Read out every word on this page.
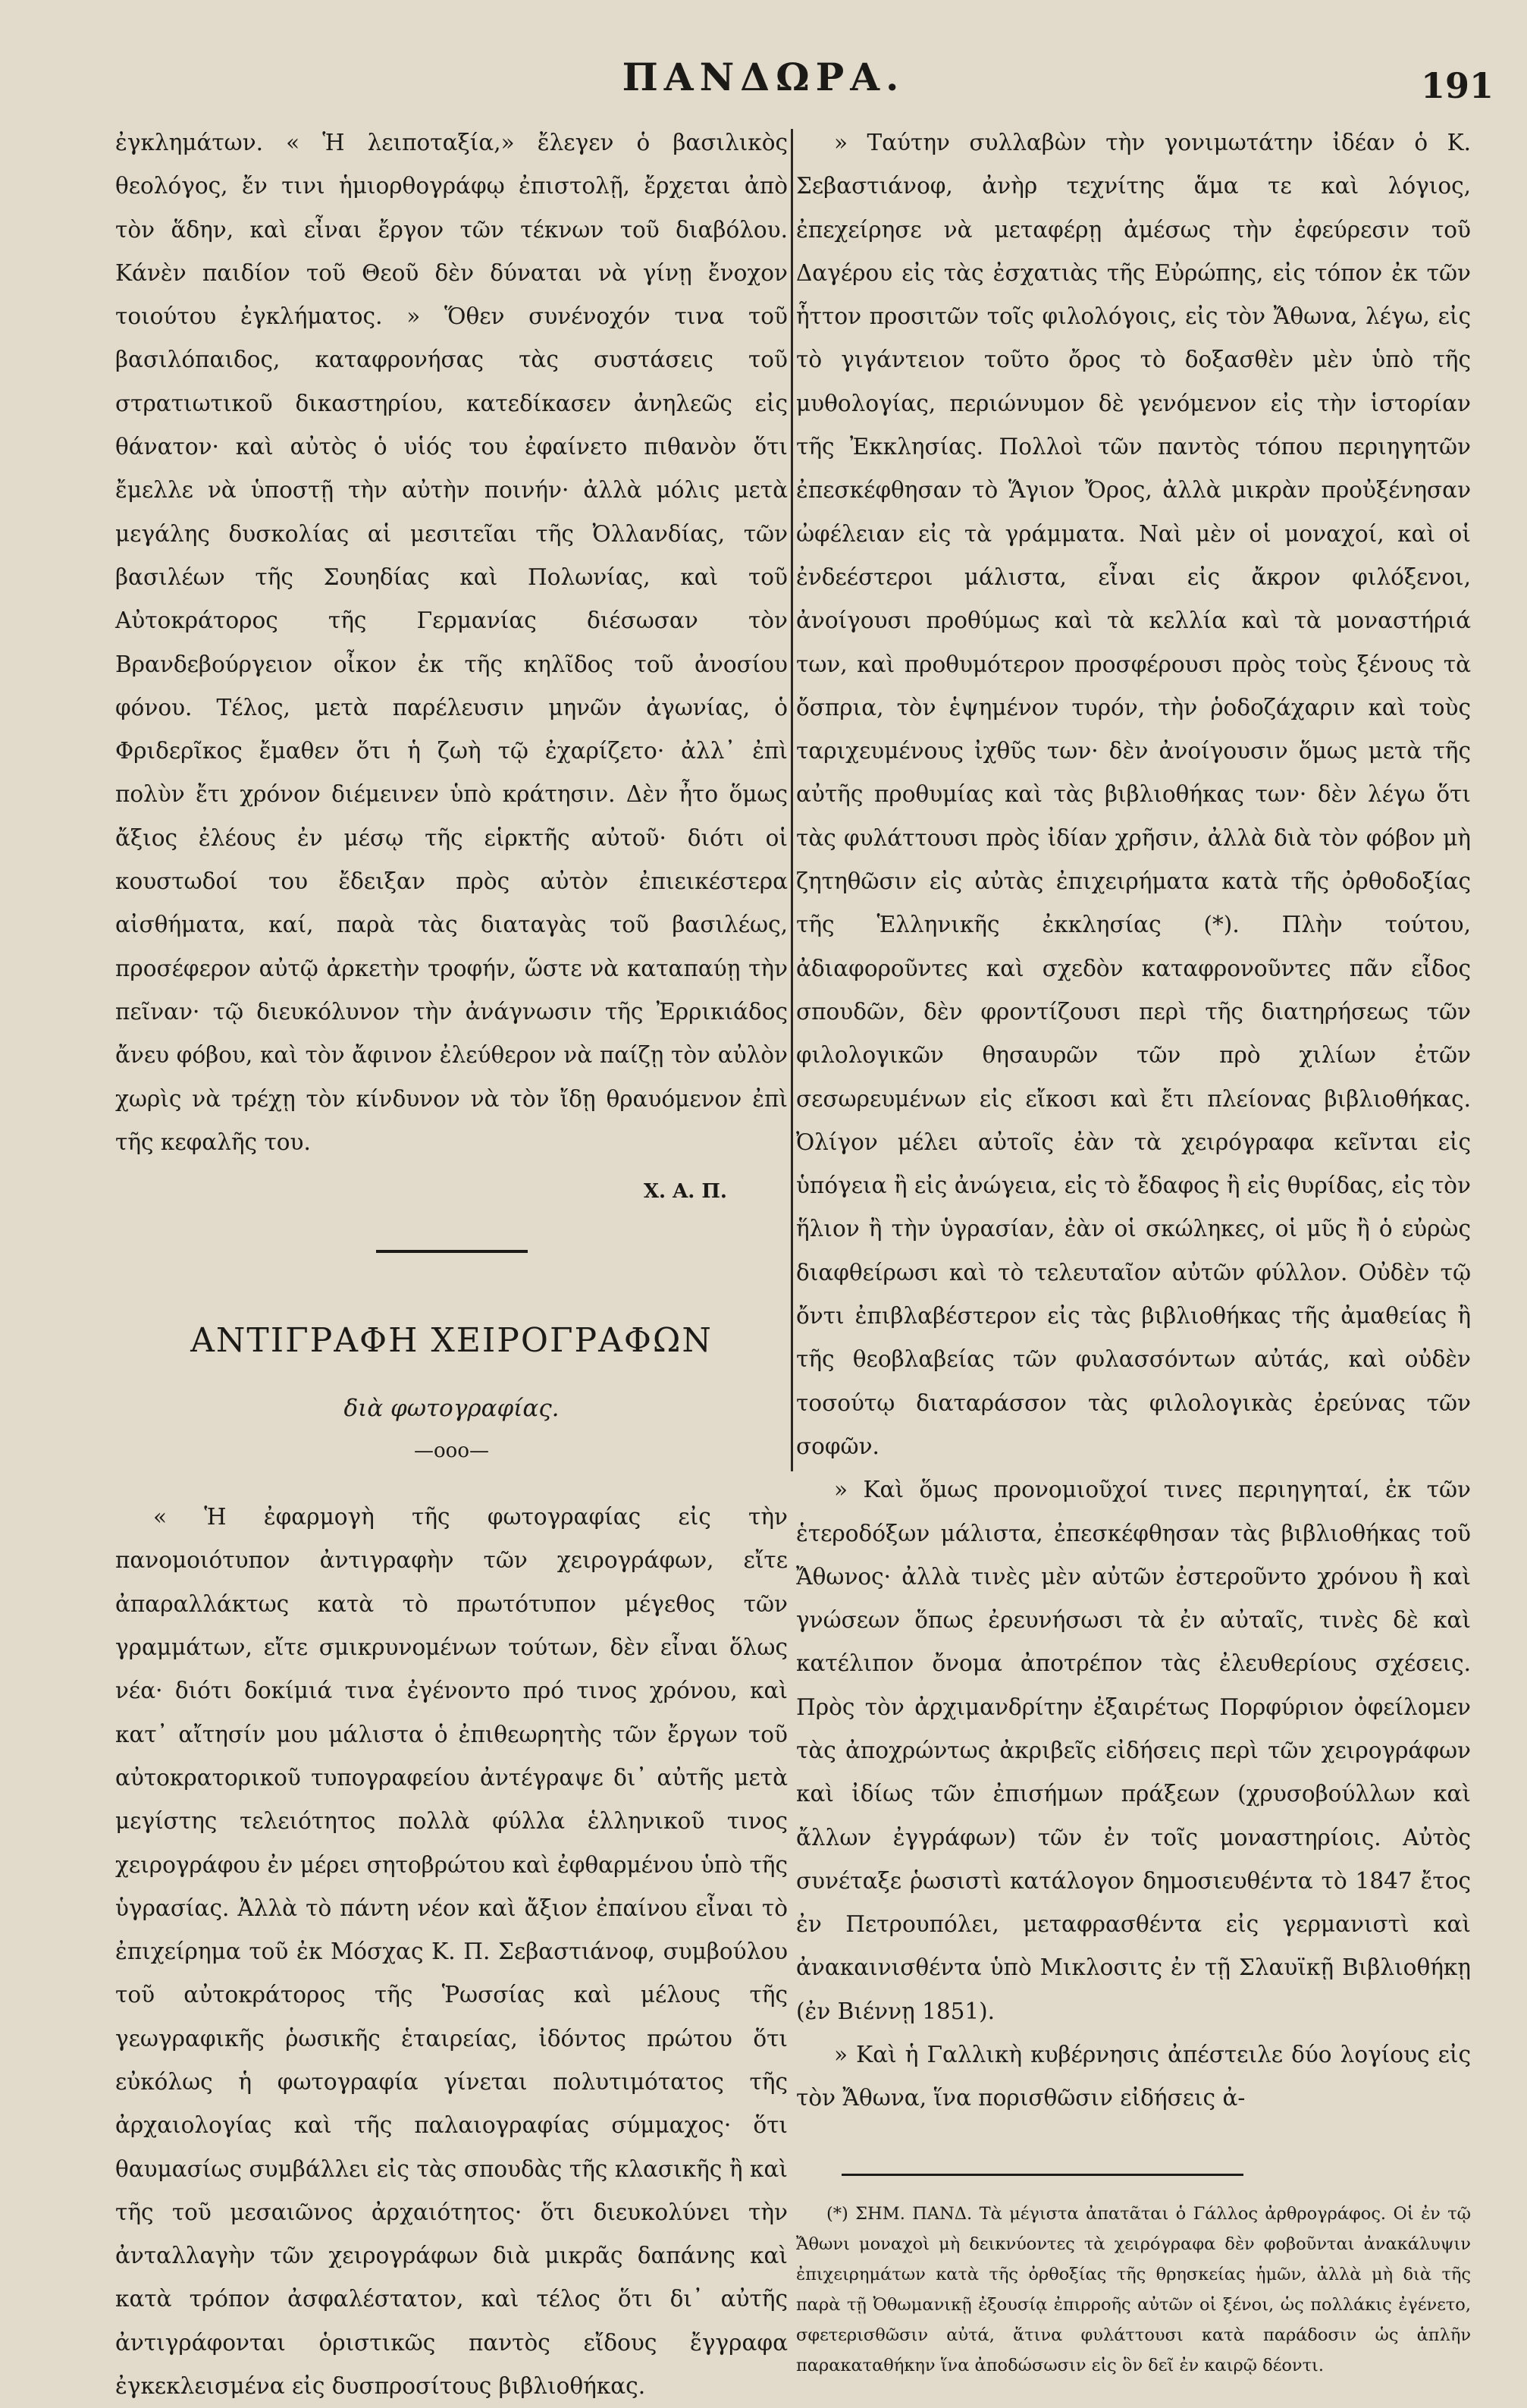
ΠΑΝΔΩΡΑ.	191

ἐγκλημάτων. « Ἡ λειποταξία,» ἔλεγεν ὁ βασιλικὸς θεολόγος, ἔν τινι ἡμιορθογράφῳ ἐπιστολῇ, ἔρχεται ἀπὸ τὸν ἅδην, καὶ εἶναι ἔργον τῶν τέκνων τοῦ διαβόλου. Κάνὲν παιδίον τοῦ Θεοῦ δὲν δύναται νὰ γίνῃ ἔνοχον τοιούτου ἐγκλήματος. » Ὅθεν συνένοχόν τινα τοῦ βασιλόπαιδος, καταφρονήσας τὰς συστάσεις τοῦ στρατιωτικοῦ δικαστηρίου, κατεδίκασεν ἀνηλεῶς εἰς θάνατον· καὶ αὐτὸς ὁ υἱός του ἐφαίνετο πιθανὸν ὅτι ἔμελλε νὰ ὑποστῇ τὴν αὐτὴν ποινήν· ἀλλὰ μόλις μετὰ μεγάλης δυσκολίας αἱ μεσιτεῖαι τῆς Ὀλλανδίας, τῶν βασιλέων τῆς Σουηδίας καὶ Πολωνίας, καὶ τοῦ Αὐτοκράτορος τῆς Γερμανίας διέσωσαν τὸν Βρανδεβούργειον οἶκον ἐκ τῆς κηλῖδος τοῦ ἀνοσίου φόνου. Τέλος, μετὰ παρέλευσιν μηνῶν ἀγωνίας, ὁ Φριδερῖκος ἔμαθεν ὅτι ἡ ζωὴ τῷ ἐχαρίζετο· ἀλλ᾿ ἐπὶ πολὺν ἔτι χρόνον διέμεινεν ὑπὸ κράτησιν. Δὲν ἦτο ὅμως ἄξιος ἐλέους ἐν μέσῳ τῆς εἱρκτῆς αὐτοῦ· διότι οἱ κουστωδοί του ἔδειξαν πρὸς αὐτὸν ἐπιεικέστερα αἰσθήματα, καί, παρὰ τὰς διαταγὰς τοῦ βασιλέως, προσέφερον αὐτῷ ἀρκετὴν τροφήν, ὥστε νὰ καταπαύῃ τὴν πεῖναν· τῷ διευκόλυνον τὴν ἀνάγνωσιν τῆς Ἐρρικιάδος ἄνευ φόβου, καὶ τὸν ἄφινον ἐλεύθερον νὰ παίζῃ τὸν αὐλὸν χωρὶς νὰ τρέχῃ τὸν κίνδυνον νὰ τὸν ἴδῃ θραυόμενον ἐπὶ τῆς κεφαλῆς του.

Χ. Α. Π.
ΑΝΤΙΓΡΑΦΗ ΧΕΙΡΟΓΡΑΦΩΝ
διὰ φωτογραφίας.
—ooo—

« Ἡ ἐφαρμογὴ τῆς φωτογραφίας εἰς τὴν πανομοιότυπον ἀντιγραφὴν τῶν χειρογράφων, εἴτε ἀπαραλλάκτως κατὰ τὸ πρωτότυπον μέγεθος τῶν γραμμάτων, εἴτε σμικρυνομένων τούτων, δὲν εἶναι ὅλως νέα· διότι δοκίμιά τινα ἐγένοντο πρό τινος χρόνου, καὶ κατ᾿ αἴτησίν μου μάλιστα ὁ ἐπιθεωρητὴς τῶν ἔργων τοῦ αὐτοκρατορικοῦ τυπογραφείου ἀντέγραψε δι᾿ αὐτῆς μετὰ μεγίστης τελειότητος πολλὰ φύλλα ἑλληνικοῦ τινος χειρογράφου ἐν μέρει σητοβρώτου καὶ ἐφθαρμένου ὑπὸ τῆς ὑγρασίας. Ἀλλὰ τὸ πάντη νέον καὶ ἄξιον ἐπαίνου εἶναι τὸ ἐπιχείρημα τοῦ ἐκ Μόσχας Κ. Π. Σεβαστιάνοφ, συμβούλου τοῦ αὐτοκράτορος τῆς Ῥωσσίας καὶ μέλους τῆς γεωγραφικῆς ῥωσικῆς ἑταιρείας, ἰδόντος πρώτου ὅτι εὐκόλως ἡ φωτογραφία γίνεται πολυτιμότατος τῆς ἀρχαιολογίας καὶ τῆς παλαιογραφίας σύμμαχος· ὅτι θαυμασίως συμβάλλει εἰς τὰς σπουδὰς τῆς κλασικῆς ἢ καὶ τῆς τοῦ μεσαιῶνος ἀρχαιότητος· ὅτι διευκολύνει τὴν ἀνταλλαγὴν τῶν χειρογράφων διὰ μικρᾶς δαπάνης καὶ κατὰ τρόπον ἀσφαλέστατον, καὶ τέλος ὅτι δι᾿ αὐτῆς ἀντιγράφονται ὁριστικῶς παντὸς εἴδους ἔγγραφα ἐγκεκλεισμένα εἰς δυσπροσίτους βιβλιοθήκας.

» Ταύτην συλλαβὼν τὴν γονιμωτάτην ἰδέαν ὁ Κ. Σεβαστιάνοφ, ἀνὴρ τεχνίτης ἅμα τε καὶ λόγιος, ἐπεχείρησε νὰ μεταφέρῃ ἀμέσως τὴν ἐφεύρεσιν τοῦ Δαγέρου εἰς τὰς ἐσχατιὰς τῆς Εὐρώπης, εἰς τόπον ἐκ τῶν ἧττον προσιτῶν τοῖς φιλολόγοις, εἰς τὸν Ἄθωνα, λέγω, εἰς τὸ γιγάντειον τοῦτο ὄρος τὸ δοξασθὲν μὲν ὑπὸ τῆς μυθολογίας, περιώνυμον δὲ γενόμενον εἰς τὴν ἱστορίαν τῆς Ἐκκλησίας. Πολλοὶ τῶν παντὸς τόπου περιηγητῶν ἐπεσκέφθησαν τὸ Ἅγιον Ὄρος, ἀλλὰ μικρὰν προὐξένησαν ὠφέλειαν εἰς τὰ γράμματα. Ναὶ μὲν οἱ μοναχοί, καὶ οἱ ἐνδεέστεροι μάλιστα, εἶναι εἰς ἄκρον φιλόξενοι, ἀνοίγουσι προθύμως καὶ τὰ κελλία καὶ τὰ μοναστήριά των, καὶ προθυμότερον προσφέρουσι πρὸς τοὺς ξένους τὰ ὄσπρια, τὸν ἑψημένον τυρόν, τὴν ῥοδοζάχαριν καὶ τοὺς ταριχευμένους ἰχθῦς των· δὲν ἀνοίγουσιν ὅμως μετὰ τῆς αὐτῆς προθυμίας καὶ τὰς βιβλιοθήκας των· δὲν λέγω ὅτι τὰς φυλάττουσι πρὸς ἰδίαν χρῆσιν, ἀλλὰ διὰ τὸν φόβον μὴ ζητηθῶσιν εἰς αὐτὰς ἐπιχειρήματα κατὰ τῆς ὀρθοδοξίας τῆς Ἑλληνικῆς ἐκκλησίας (*). Πλὴν τούτου, ἀδιαφοροῦντες καὶ σχεδὸν καταφρονοῦντες πᾶν εἶδος σπουδῶν, δὲν φροντίζουσι περὶ τῆς διατηρήσεως τῶν φιλολογικῶν θησαυρῶν τῶν πρὸ χιλίων ἐτῶν σεσωρευμένων εἰς εἴκοσι καὶ ἔτι πλείονας βιβλιοθήκας. Ὀλίγον μέλει αὐτοῖς ἐὰν τὰ χειρόγραφα κεῖνται εἰς ὑπόγεια ἢ εἰς ἀνώγεια, εἰς τὸ ἔδαφος ἢ εἰς θυρίδας, εἰς τὸν ἥλιον ἢ τὴν ὑγρασίαν, ἐὰν οἱ σκώληκες, οἱ μῦς ἢ ὁ εὐρὼς διαφθείρωσι καὶ τὸ τελευταῖον αὐτῶν φύλλον. Οὐδὲν τῷ ὄντι ἐπιβλαβέστερον εἰς τὰς βιβλιοθήκας τῆς ἀμαθείας ἢ τῆς θεοβλαβείας τῶν φυλασσόντων αὐτάς, καὶ οὐδὲν τοσούτῳ διαταράσσον τὰς φιλολογικὰς ἐρεύνας τῶν σοφῶν.

» Καὶ ὅμως προνομιοῦχοί τινες περιηγηταί, ἐκ τῶν ἑτεροδόξων μάλιστα, ἐπεσκέφθησαν τὰς βιβλιοθήκας τοῦ Ἄθωνος· ἀλλὰ τινὲς μὲν αὐτῶν ἐστεροῦντο χρόνου ἢ καὶ γνώσεων ὅπως ἐρευνήσωσι τὰ ἐν αὐταῖς, τινὲς δὲ καὶ κατέλιπον ὄνομα ἀποτρέπον τὰς ἐλευθερίους σχέσεις. Πρὸς τὸν ἀρχιμανδρίτην ἐξαιρέτως Πορφύριον ὀφείλομεν τὰς ἀποχρώντως ἀκριβεῖς εἰδήσεις περὶ τῶν χειρογράφων καὶ ἰδίως τῶν ἐπισήμων πράξεων (χρυσοβούλλων καὶ ἄλλων ἐγγράφων) τῶν ἐν τοῖς μοναστηρίοις. Αὐτὸς συνέταξε ῥωσιστὶ κατάλογον δημοσιευθέντα τὸ 1847 ἔτος ἐν Πετρουπόλει, μεταφρασθέντα εἰς γερμανιστὶ καὶ ἀνακαινισθέντα ὑπὸ Μικλοσιτς ἐν τῇ Σλαυϊκῇ Βιβλιοθήκῃ (ἐν Βιέννῃ 1851).

» Καὶ ἡ Γαλλικὴ κυβέρνησις ἀπέστειλε δύο λογίους εἰς τὸν Ἄθωνα, ἵνα πορισθῶσιν εἰδήσεις ἀ-

(*) ΣΗΜ. ΠΑΝΔ. Τὰ μέγιστα ἀπατᾶται ὁ Γάλλος ἀρθρογράφος. Οἱ ἐν τῷ Ἄθωνι μοναχοὶ μὴ δεικνύοντες τὰ χειρόγραφα δὲν φοβοῦνται ἀνακάλυψιν ἐπιχειρημάτων κατὰ τῆς ὀρθοξίας τῆς θρησκείας ἡμῶν, ἀλλὰ μὴ διὰ τῆς παρὰ τῇ Ὀθωμανικῇ ἐξουσίᾳ ἐπιρροῆς αὐτῶν οἱ ξένοι, ὡς πολλάκις ἐγένετο, σφετερισθῶσιν αὐτά, ἅτινα φυλάττουσι κατὰ παράδοσιν ὡς ἁπλῆν παρακαταθήκην ἵνα ἀποδώσωσιν εἰς ὃν δεῖ ἐν καιρῷ δέοντι.
